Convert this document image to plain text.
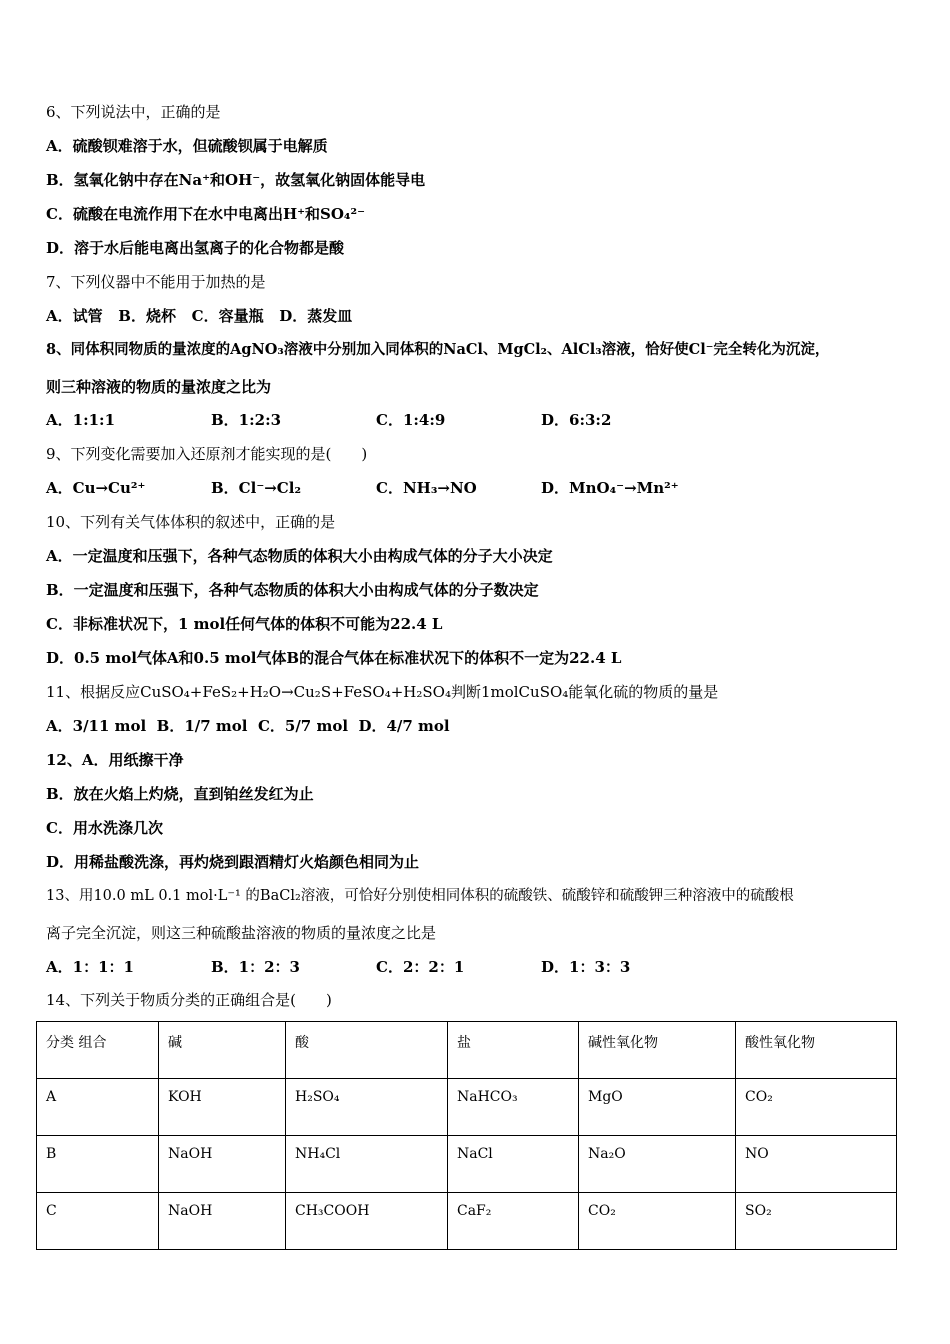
6、下列说法中，正确的是
A．硫酸钡难溶于水，但硫酸钡属于电解质
B．氢氧化钠中存在Na⁺和OH⁻，故氢氧化钠固体能导电
C．硫酸在电流作用下在水中电离出H⁺和SO₄²⁻
D．溶于水后能电离出氢离子的化合物都是酸
7、下列仪器中不能用于加热的是
A．试管   B．烧杯   C．容量瓶   D．蒸发皿
8、同体积同物质的量浓度的AgNO₃溶液中分别加入同体积的NaCl、MgCl₂、AlCl₃溶液，恰好使Cl⁻完全转化为沉淀，
则三种溶液的物质的量浓度之比为
A．1:1:1	B．1:2:3	C．1:4:9	D．6:3:2
9、下列变化需要加入还原剂才能实现的是(　　)
A．Cu→Cu²⁺	B．Cl⁻→Cl₂	C．NH₃→NO	D．MnO₄⁻→Mn²⁺
10、下列有关气体体积的叙述中，正确的是
A．一定温度和压强下，各种气态物质的体积大小由构成气体的分子大小决定
B．一定温度和压强下，各种气态物质的体积大小由构成气体的分子数决定
C．非标准状况下，1 mol任何气体的体积不可能为22.4 L
D．0.5 mol气体A和0.5 mol气体B的混合气体在标准状况下的体积不一定为22.4 L
11、根据反应CuSO₄+FeS₂+H₂O→Cu₂S+FeSO₄+H₂SO₄判断1molCuSO₄能氧化硫的物质的量是
A．3/11 mol  B．1/7 mol  C．5/7 mol  D．4/7 mol
12、A．用纸擦干净
B．放在火焰上灼烧，直到铂丝发红为止
C．用水洗涤几次
D．用稀盐酸洗涤，再灼烧到跟酒精灯火焰颜色相同为止
13、用10.0 mL 0.1 mol·L⁻¹ 的BaCl₂溶液，可恰好分别使相同体积的硫酸铁、硫酸锌和硫酸钾三种溶液中的硫酸根
离子完全沉淀，则这三种硫酸盐溶液的物质的量浓度之比是
A．1：1：1	B．1：2：3	C．2：2：1	D．1：3：3
14、下列关于物质分类的正确组合是(　　)
分类 组合	碱	酸	盐	碱性氧化物	酸性氧化物
A	KOH	H₂SO₄	NaHCO₃	MgO	CO₂
B	NaOH	NH₄Cl	NaCl	Na₂O	NO
C	NaOH	CH₃COOH	CaF₂	CO₂	SO₂
